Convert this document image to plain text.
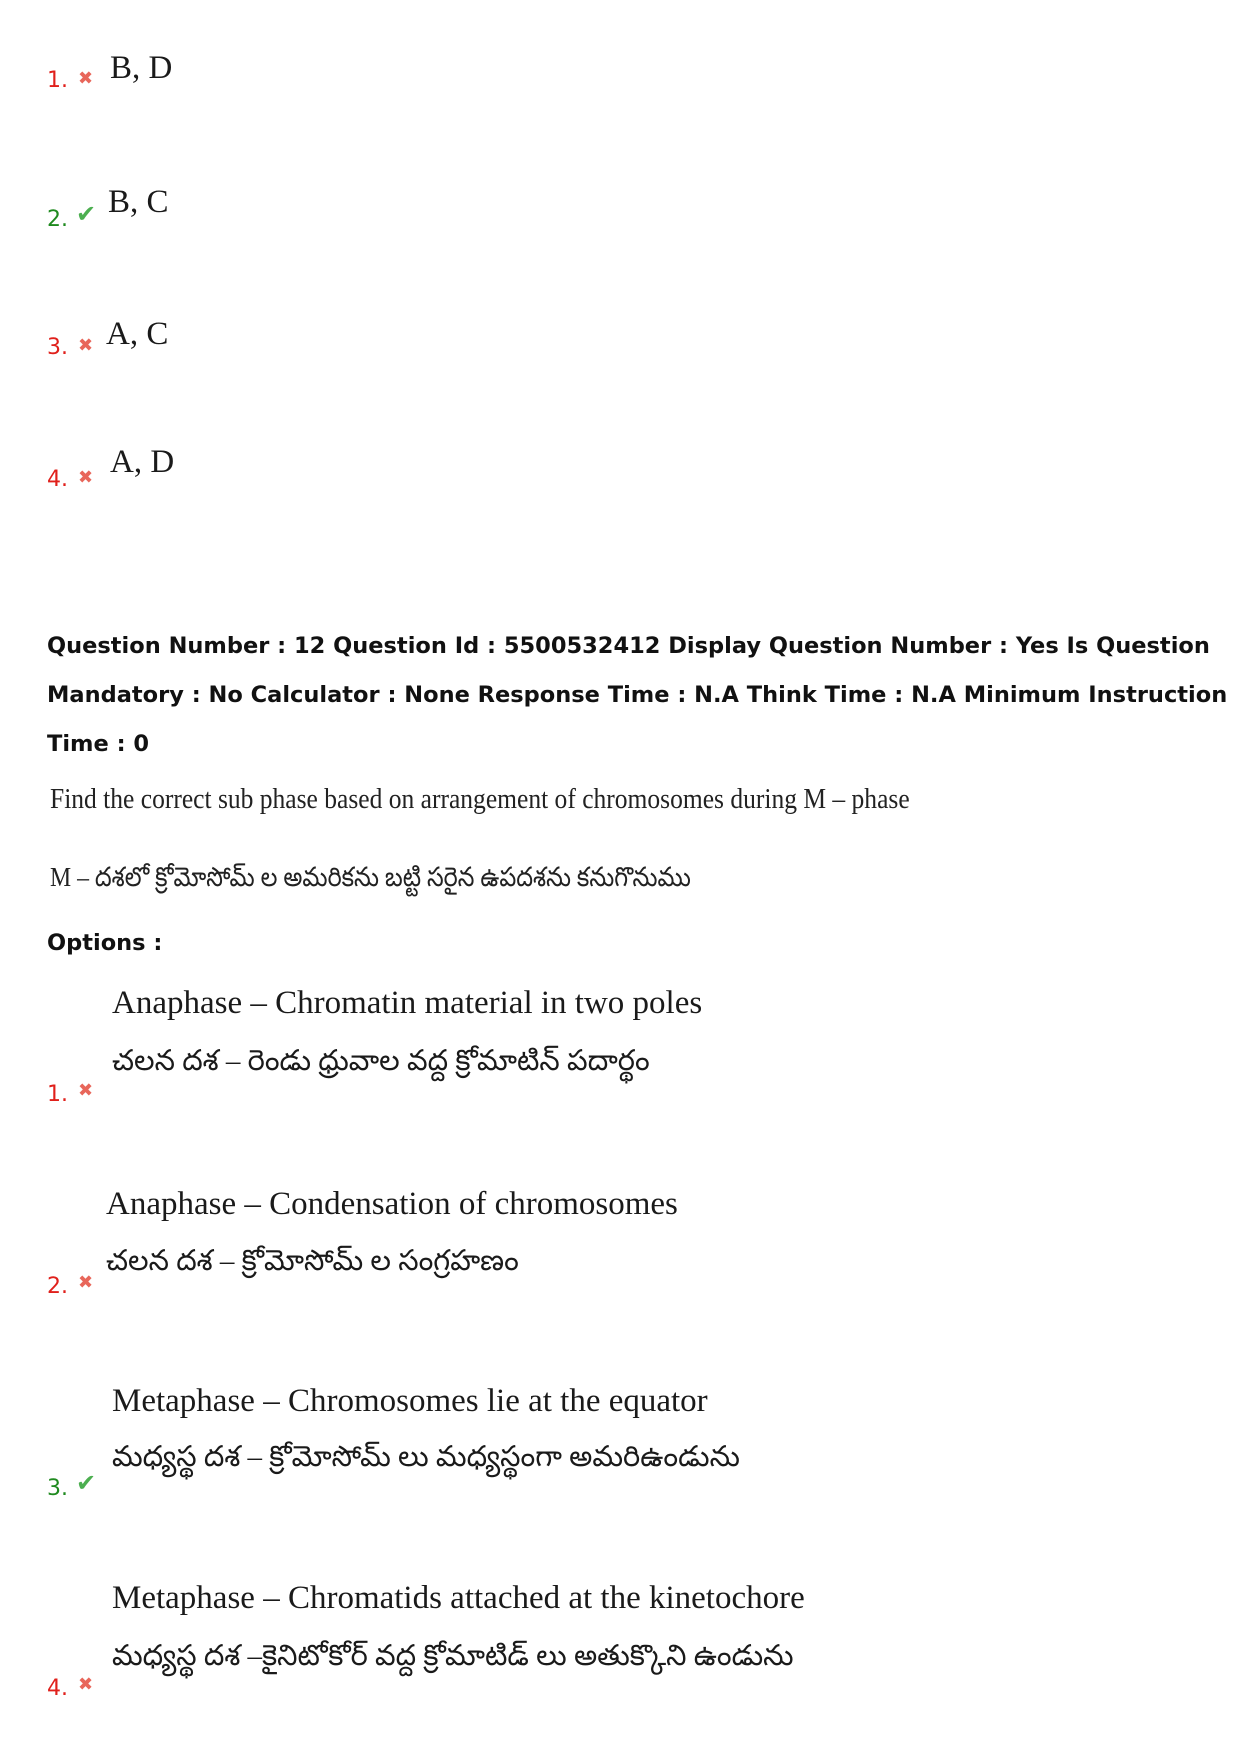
1. ✖ B, D
2. ✔ B, C
3. ✖ A, C
4. ✖ A, D
Question Number : 12 Question Id : 5500532412 Display Question Number : Yes Is Question
Mandatory : No Calculator : None Response Time : N.A Think Time : N.A Minimum Instruction
Time : 0
Find the correct sub phase based on arrangement of chromosomes during M – phase
M – దశలో క్రోమోసోమ్ ల అమరికను బట్టి సరైన ఉపదశను కనుగొనుము
Options :
Anaphase – Chromatin material in two poles
చలన దశ – రెండు ధ్రువాల వద్ద క్రోమాటిన్ పదార్థం
1. ✖
Anaphase – Condensation of chromosomes
చలన దశ – క్రోమోసోమ్ ల సంగ్రహణం
2. ✖
Metaphase – Chromosomes lie at the equator
మధ్యస్థ దశ – క్రోమోసోమ్ లు మధ్యస్థంగా అమరిఉండును
3. ✔
Metaphase – Chromatids attached at the kinetochore
మధ్యస్థ దశ –కైనిటోకోర్ వద్ద క్రోమాటిడ్ లు అతుక్కొని ఉండును
4. ✖
